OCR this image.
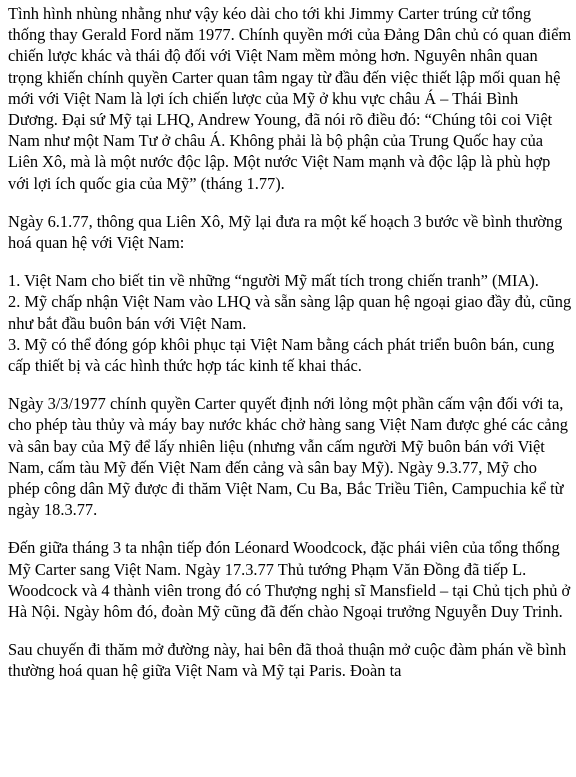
Tình hình nhùng nhằng như vậy kéo dài cho tới khi Jimmy Carter trúng cử tổng thống thay Gerald Ford năm 1977. Chính quyền mới của Đảng Dân chủ có quan điểm chiến lược khác và thái độ đối với Việt Nam mềm mỏng hơn. Nguyên nhân quan trọng khiến chính quyền Carter quan tâm ngay từ đầu đến việc thiết lập mối quan hệ mới với Việt Nam là lợi ích chiến lược của Mỹ ở khu vực châu Á – Thái Bình Dương. Đại sứ Mỹ tại LHQ, Andrew Young, đã nói rõ điều đó: “Chúng tôi coi Việt Nam như một Nam Tư ở châu Á. Không phải là bộ phận của Trung Quốc hay của Liên Xô, mà là một nước độc lập. Một nước Việt Nam mạnh và độc lập là phù hợp với lợi ích quốc gia của Mỹ” (tháng 1.77).

Ngày 6.1.77, thông qua Liên Xô, Mỹ lại đưa ra một kế hoạch 3 bước về bình thường hoá quan hệ với Việt Nam:

1. Việt Nam cho biết tin về những “người Mỹ mất tích trong chiến tranh” (MIA).
2. Mỹ chấp nhận Việt Nam vào LHQ và sẵn sàng lập quan hệ ngoại giao đầy đủ, cũng như bắt đầu buôn bán với Việt Nam.
3. Mỹ có thể đóng góp khôi phục tại Việt Nam bằng cách phát triển buôn bán, cung cấp thiết bị và các hình thức hợp tác kinh tế khai thác.

Ngày 3/3/1977 chính quyền Carter quyết định nới lỏng một phần cấm vận đối với ta, cho phép tàu thủy và máy bay nước khác chở hàng sang Việt Nam được ghé các cảng và sân bay của Mỹ để lấy nhiên liệu (nhưng vẫn cấm người Mỹ buôn bán với Việt Nam, cấm tàu Mỹ đến Việt Nam đến cảng và sân bay Mỹ). Ngày 9.3.77, Mỹ cho phép công dân Mỹ được đi thăm Việt Nam, Cu Ba, Bắc Triều Tiên, Campuchia kể từ ngày 18.3.77.

Đến giữa tháng 3 ta nhận tiếp đón Léonard Woodcock, đặc phái viên của tổng thống Mỹ Carter sang Việt Nam. Ngày 17.3.77 Thủ tướng Phạm Văn Đồng đã tiếp L. Woodcock và 4 thành viên trong đó có Thượng nghị sĩ Mansfield – tại Chủ tịch phủ ở Hà Nội. Ngày hôm đó, đoàn Mỹ cũng đã đến chào Ngoại trưởng Nguyễn Duy Trinh.

Sau chuyến đi thăm mở đường này, hai bên đã thoả thuận mở cuộc đàm phán về bình thường hoá quan hệ giữa Việt Nam và Mỹ tại Paris. Đoàn ta
